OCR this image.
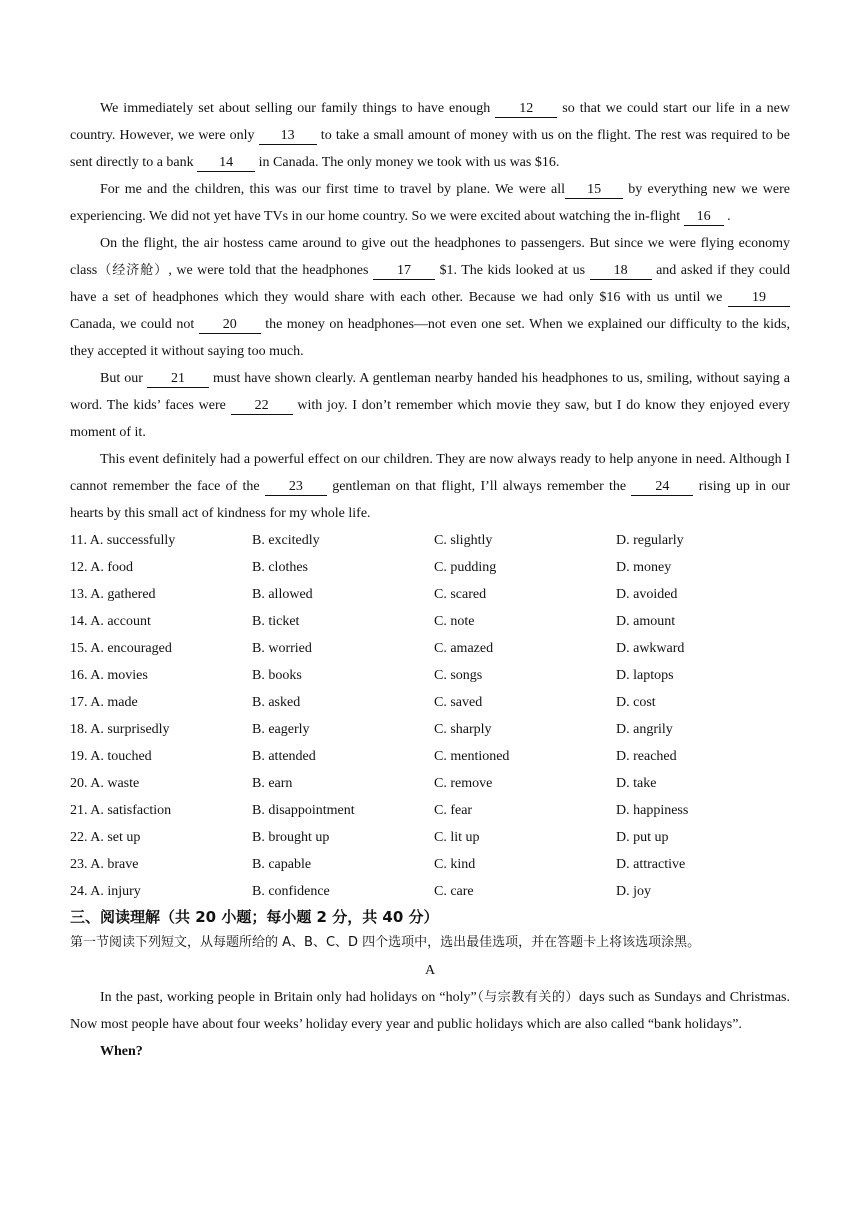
We immediately set about selling our family things to have enough 12 so that we could start our life in a new country. However, we were only 13 to take a small amount of money with us on the flight. The rest was required to be sent directly to a bank 14 in Canada. The only money we took with us was $16.

For me and the children, this was our first time to travel by plane. We were all 15 by everything new we were experiencing. We did not yet have TVs in our home country. So we were excited about watching the in-flight 16 .

On the flight, the air hostess came around to give out the headphones to passengers. But since we were flying economy class（经济舱）, we were told that the headphones 17 $1. The kids looked at us 18 and asked if they could have a set of headphones which they would share with each other. Because we had only $16 with us until we 19 Canada, we could not 20 the money on headphones—not even one set. When we explained our difficulty to the kids, they accepted it without saying too much.

But our 21 must have shown clearly. A gentleman nearby handed his headphones to us, smiling, without saying a word. The kids’ faces were 22 with joy. I don’t remember which movie they saw, but I do know they enjoyed every moment of it.

This event definitely had a powerful effect on our children. They are now always ready to help anyone in need. Although I cannot remember the face of the 23 gentleman on that flight, I’ll always remember the 24 rising up in our hearts by this small act of kindness for my whole life.

11. A. successfully	B. excitedly	C. slightly	D. regularly
12. A. food	B. clothes	C. pudding	D. money
13. A. gathered	B. allowed	C. scared	D. avoided
14. A. account	B. ticket	C. note	D. amount
15. A. encouraged	B. worried	C. amazed	D. awkward
16. A. movies	B. books	C. songs	D. laptops
17. A. made	B. asked	C. saved	D. cost
18. A. surprisedly	B. eagerly	C. sharply	D. angrily
19. A. touched	B. attended	C. mentioned	D. reached
20. A. waste	B. earn	C. remove	D. take
21. A. satisfaction	B. disappointment	C. fear	D. happiness
22. A. set up	B. brought up	C. lit up	D. put up
23. A. brave	B. capable	C. kind	D. attractive
24. A. injury	B. confidence	C. care	D. joy

三、阅读理解（共 20 小题；每小题 2 分，共 40 分）

第一节阅读下列短文，从每题所给的 A、B、C、D 四个选项中，选出最佳选项，并在答题卡上将该选项涂黑。

A

In the past, working people in Britain only had holidays on “holy”（与宗教有关的）days such as Sundays and Christmas. Now most people have about four weeks’ holiday every year and public holidays which are also called “bank holidays”.

When?
